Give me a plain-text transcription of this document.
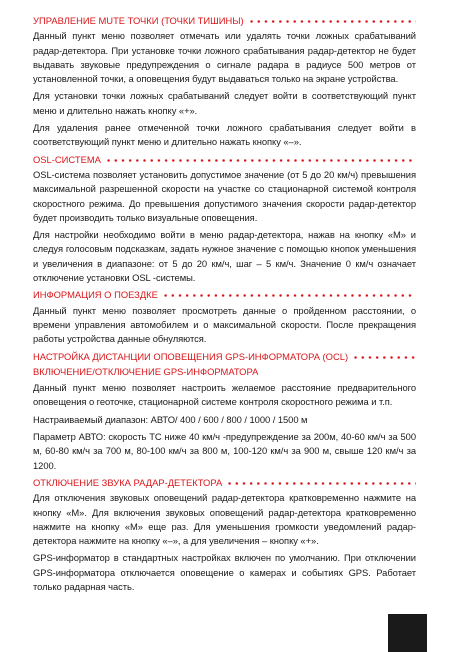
УПРАВЛЕНИЕ MUTE ТОЧКИ (ТОЧКИ ТИШИНЫ)

Данный пункт меню позволяет отмечать или удалять точки ложных срабатываний радар-детектора. При установке точки ложного срабатывания радар-детектор не будет выдавать звуковые предупреждения о сигнале радара в радиусе 500 метров от установленной точки, а оповещения будут выдаваться только на экране устройства.

Для установки точки ложных срабатываний следует войти в соответствующий пункт меню и длительно нажать кнопку «+».

Для удаления ранее отмеченной точки ложного срабатывания следует войти в соответствующий пункт меню и длительно нажать кнопку «–».

OSL-СИСТЕМА

OSL-система позволяет установить допустимое значение (от 5 до 20 км/ч) превышения максимальной разрешенной скорости на участке со стационарной системой контроля скоростного режима. До превышения допустимого значения скорости радар-детектор будет производить только визуальные оповещения.

Для настройки необходимо войти в меню радар-детектора, нажав на кнопку «M» и следуя голосовым подсказкам, задать нужное значение с помощью кнопок уменьшения и увеличения в диапазоне: от 5 до 20 км/ч, шаг – 5 км/ч. Значение 0 км/ч означает отключение установки OSL -системы.

ИНФОРМАЦИЯ О ПОЕЗДКЕ

Данный пункт меню позволяет просмотреть данные о пройденном расстоянии, о времени управления автомобилем и о максимальной скорости. После прекращения работы устройства данные обнуляются.

НАСТРОЙКА ДИСТАНЦИИ ОПОВЕЩЕНИЯ GPS-ИНФОРМАТОРА (OCL)
ВКЛЮЧЕНИЕ/ОТКЛЮЧЕНИЕ GPS-ИНФОРМАТОРА

Данный пункт меню позволяет настроить желаемое расстояние предварительного оповещения о геоточке, стационарной системе контроля скоростного режима и т.п.

Настраиваемый диапазон: АВТО/ 400 / 600 / 800 / 1000 / 1500 м

Параметр АВТО: скорость ТС ниже 40 км/ч -предупреждение за 200м, 40-60 км/ч за 500 м, 60-80 км/ч за 700 м, 80-100 км/ч за 800 м, 100-120 км/ч за 900 м, свыше 120 км/ч за 1200.

ОТКЛЮЧЕНИЕ ЗВУКА РАДАР-ДЕТЕКТОРА

Для отключения звуковых оповещений радар-детектора кратковременно нажмите на кнопку «M». Для включения звуковых оповещений радар-детектора кратковременно нажмите на кнопку «M» еще раз. Для уменьшения громкости уведомлений радар-детектора нажмите на кнопку «–», а для увеличения – кнопку «+».

GPS-информатор в стандартных настройках включен по умолчанию. При отключении GPS-информатора отключается оповещение о камерах и событиях GPS. Работает только радарная часть.
